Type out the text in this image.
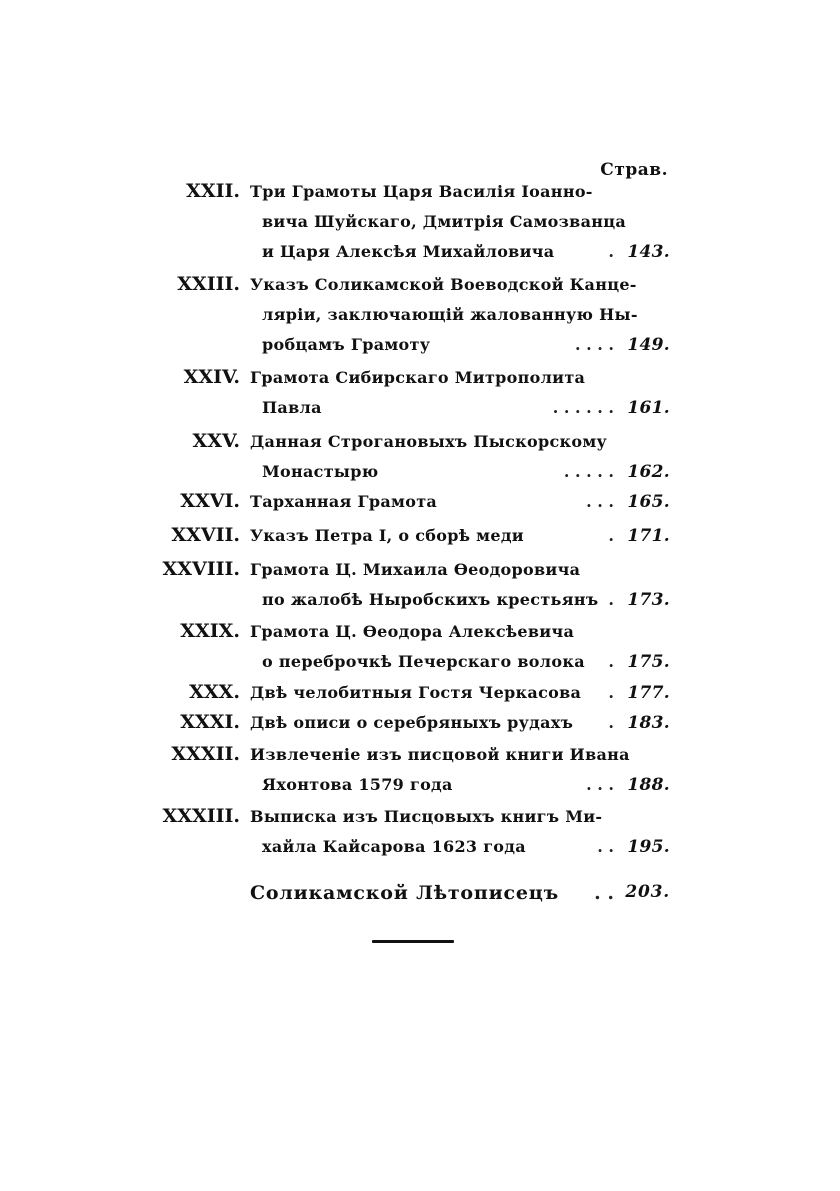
Страв.
XXII. Три Грамоты Царя Василія Іоанно-
вича Шуйскаго, Дмитрія Самозванца
и Царя Алексѣя Михайловича	. 143.
XXIII. Указъ Соликамской Воеводской Канце-
ляріи, заключающій жалованную Ны-
робцамъ Грамоту	. . . . 149.
XXIV. Грамота Сибирскаго Митрополита
Павла	. . . . . . 161.
XXV. Данная Строгановыхъ Пыскорскому
Монастырю	. . . . . 162.
XXVI. Тарханная Грамота	. . . 165.
XXVII. Указъ Петра I, о сборѣ меди	. 171.
XXVIII. Грамота Ц. Михаила Ѳеодоровича
по жалобѣ Ныробскихъ крестьянъ . 173.
XXIX. Грамота Ц. Ѳеодора Алексѣевича
о переброчкѣ Печерскаго волока . 175.
XXX. Двѣ челобитныя Гостя Черкасова . 177.
XXXI. Двѣ описи о серебряныхъ рудахъ . 183.
XXXII. Извлеченіе изъ писцовой книги Ивана
Яхонтова 1579 года	. . . 188.
XXXIII. Выписка изъ Писцовыхъ книгъ Ми-
хайла Кайсарова 1623 года	. . 195.
Соликамской Лѣтописецъ . . 203.
